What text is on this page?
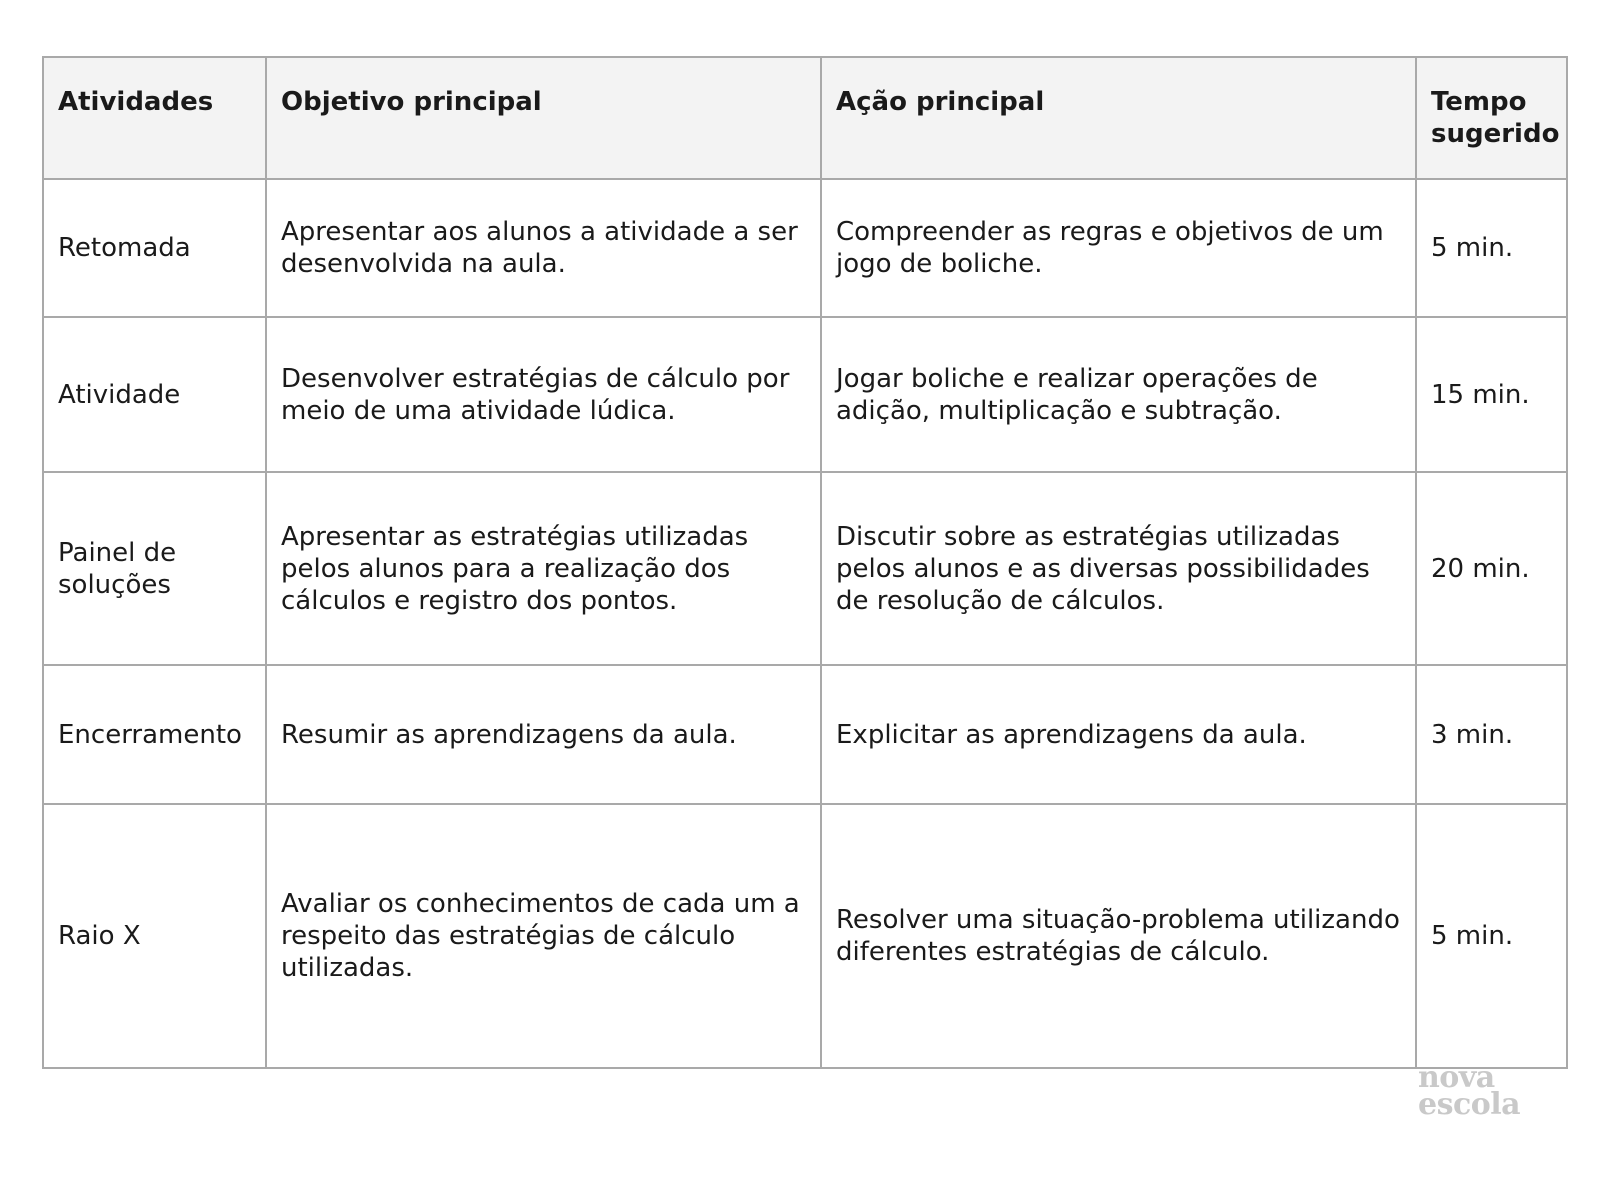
Atividades	Objetivo principal	Ação principal	Tempo sugerido
Retomada	Apresentar aos alunos a atividade a ser desenvolvida na aula.	Compreender as regras e objetivos de um jogo de boliche.	5 min.
Atividade	Desenvolver estratégias de cálculo por meio de uma atividade lúdica.	Jogar boliche e realizar operações de adição, multiplicação e subtração.	15 min.
Painel de soluções	Apresentar as estratégias utilizadas pelos alunos para a realização dos cálculos e registro dos pontos.	Discutir sobre as estratégias utilizadas pelos alunos e as diversas possibilidades de resolução de cálculos.	20 min.
Encerramento	Resumir as aprendizagens da aula.	Explicitar as aprendizagens da aula.	3 min.
Raio X	Avaliar os conhecimentos de cada um a respeito das estratégias de cálculo utilizadas.	Resolver uma situação-problema utilizando diferentes estratégias de cálculo.	5 min.
nova
escola
